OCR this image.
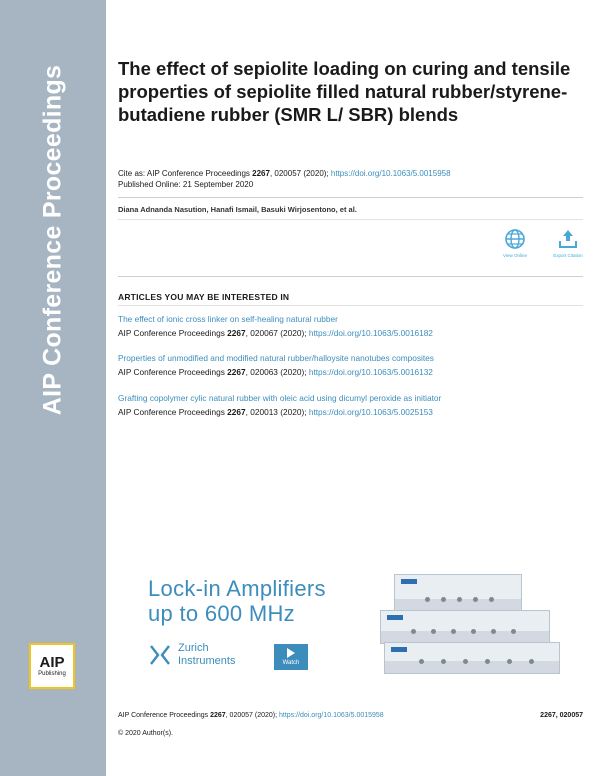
AIP Conference Proceedings
AIP
Publishing
The effect of sepiolite loading on curing and tensile properties of sepiolite filled natural rubber/styrene-butadiene rubber (SMR L/ SBR) blends
Cite as: AIP Conference Proceedings 2267, 020057 (2020); https://doi.org/10.1063/5.0015958
Published Online: 21 September 2020
Diana Adnanda Nasution, Hanafi Ismail, Basuki Wirjosentono, et al.
View Online	Export Citation
ARTICLES YOU MAY BE INTERESTED IN
The effect of ionic cross linker on self-healing natural rubber
AIP Conference Proceedings 2267, 020067 (2020); https://doi.org/10.1063/5.0016182
Properties of unmodified and modified natural rubber/halloysite nanotubes composites
AIP Conference Proceedings 2267, 020063 (2020); https://doi.org/10.1063/5.0016132
Grafting copolymer cylic natural rubber with oleic acid using dicumyl peroxide as initiator
AIP Conference Proceedings 2267, 020013 (2020); https://doi.org/10.1063/5.0025153
Lock-in Amplifiers
up to 600 MHz
Zurich
Instruments	Watch
AIP Conference Proceedings 2267, 020057 (2020); https://doi.org/10.1063/5.0015958	2267, 020057
© 2020 Author(s).
